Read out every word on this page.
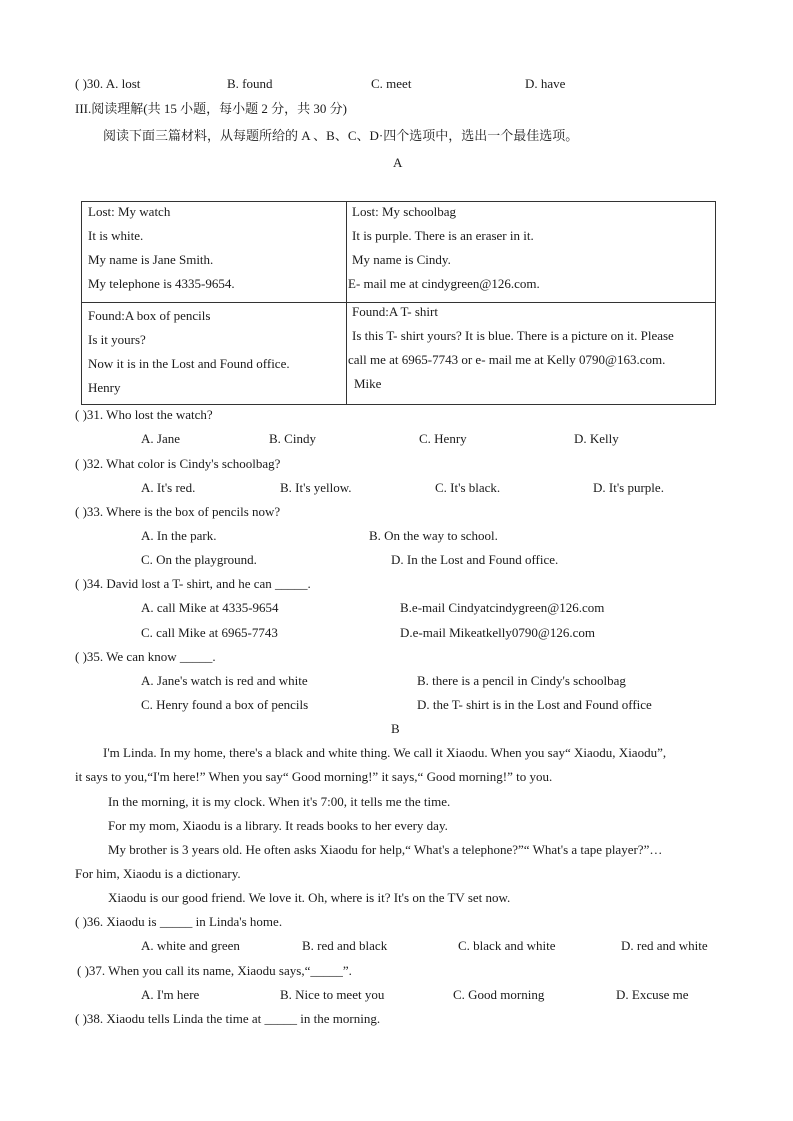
( )30. A. lost	B. found	C. meet	D. have
III.阅读理解(共 15 小题，每小题 2 分，共 30 分)
阅读下面三篇材料，从每题所给的 A 、B、C、D·四个选项中，选出一个最佳选项。
A
Lost: My watch
It is white.
My name is Jane Smith.
My telephone is 4335-9654.
Lost: My schoolbag
It is purple. There is an eraser in it.
My name is Cindy.
E- mail me at cindygreen@126.com.
Found:A box of pencils
Is it yours?
Now it is in the Lost and Found office.
Henry
Found:A T- shirt
Is this T- shirt yours? It is blue. There is a picture on it. Please
call me at 6965-7743 or e- mail me at Kelly 0790@163.com.
Mike
( )31. Who lost the watch?
A. Jane	B. Cindy	C. Henry	D. Kelly
( )32. What color is Cindy's schoolbag?
A. It's red.	B. It's yellow.	C. It's black.	D. It's purple.
( )33. Where is the box of pencils now?
A. In the park.	B. On the way to school.
C. On the playground.	D. In the Lost and Found office.
( )34. David lost a T- shirt, and he can _____.
A. call Mike at 4335-9654	B.e-mail Cindyatcindygreen@126.com
C. call Mike at 6965-7743	D.e-mail Mikeatkelly0790@126.com
( )35. We can know _____.
A. Jane's watch is red and white	B. there is a pencil in Cindy's schoolbag
C. Henry found a box of pencils	D. the T- shirt is in the Lost and Found office
B
I'm Linda. In my home, there's a black and white thing. We call it Xiaodu. When you say“ Xiaodu, Xiaodu”,
it says to you,“I'm here!” When you say“ Good morning!” it says,“ Good morning!” to you.
In the morning, it is my clock. When it's 7:00, it tells me the time.
For my mom, Xiaodu is a library. It reads books to her every day.
My brother is 3 years old. He often asks Xiaodu for help,“ What's a telephone?”“ What's a tape player?”…
For him, Xiaodu is a dictionary.
Xiaodu is our good friend. We love it. Oh, where is it? It's on the TV set now.
( )36. Xiaodu is _____ in Linda's home.
A. white and green	B. red and black	C. black and white	D. red and white
( )37. When you call its name, Xiaodu says,“_____”.
A. I'm here	B. Nice to meet you	C. Good morning	D. Excuse me
( )38. Xiaodu tells Linda the time at _____ in the morning.
